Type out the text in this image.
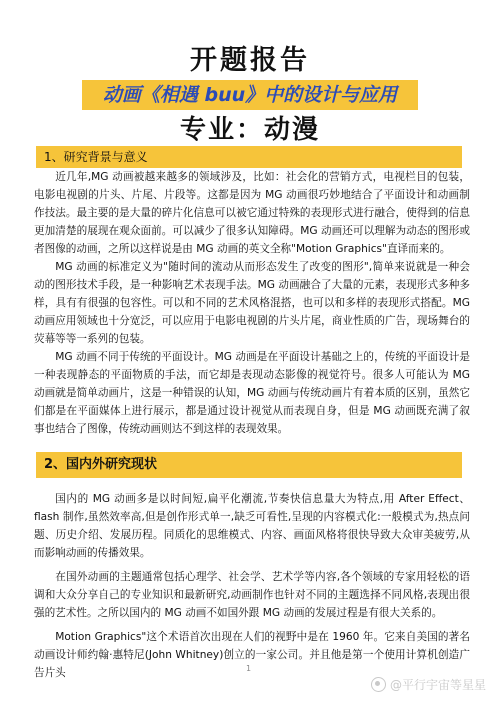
开题报告
动画《相遇 buu》中的设计与应用
专业：动漫
1、研究背景与意义

近几年,MG 动画被越来越多的领域涉及，比如：社会化的营销方式，电视栏目的包装，电影电视剧的片头、片尾、片段等。这都是因为 MG 动画很巧妙地结合了平面设计和动画制作技法。最主要的是大量的碎片化信息可以被它通过特殊的表现形式进行融合，使得到的信息更加清楚的展现在观众面前。可以减少了很多认知障碍。MG 动画还可以理解为动态的图形或者图像的动画，之所以这样说是由 MG 动画的英文全称"Motion Graphics"直译而来的。

MG 动画的标准定义为"随时间的流动从而形态发生了改变的图形",简单来说就是一种会动的图形技术手段，是一种影响艺术表现手法。MG 动画融合了大量的元素，表现形式多种多样，具有有很强的包容性。可以和不同的艺术风格混搭，也可以和多样的表现形式搭配。MG 动画应用领域也十分宽泛，可以应用于电影电视剧的片头片尾，商业性质的广告，现场舞台的荧幕等等一系列的包装。

MG 动画不同于传统的平面设计。MG 动画是在平面设计基础之上的，传统的平面设计是一种表现静态的平面物质的手法，而它却是表现动态影像的视觉符号。很多人可能认为 MG 动画就是简单动画片，这是一种错误的认知，MG 动画与传统动画片有着本质的区别，虽然它们都是在平面媒体上进行展示，都是通过设计视觉从而表现自身，但是 MG 动画既充满了叙事也结合了图像，传统动画则达不到这样的表现效果。

2、国内外研究现状

国内的 MG 动画多是以时间短,扁平化潮流,节奏快信息量大为特点,用 After Effect、flash 制作,虽然效率高,但是创作形式单一,缺乏可看性,呈现的内容模式化:一般模式为,热点问题、历史介绍、发展历程。同质化的思维模式、内容、画面风格将很快导致大众审美疲劳,从而影响动画的传播效果。

在国外动画的主题通常包括心理学、社会学、艺术学等内容,各个领域的专家用轻松的语调和大众分享自己的专业知识和最新研究,动画制作也针对不同的主题选择不同风格,表现出很强的艺术性。之所以国内的 MG 动画不如国外跟 MG 动画的发展过程是有很大关系的。

Motion Graphics"这个术语首次出现在人们的视野中是在 1960 年。它来自美国的著名动画设计师约翰·惠特尼(John Whitney)创立的一家公司。并且他是第一个使用计算机创造广告片头	1
@平行宇宙等星星
